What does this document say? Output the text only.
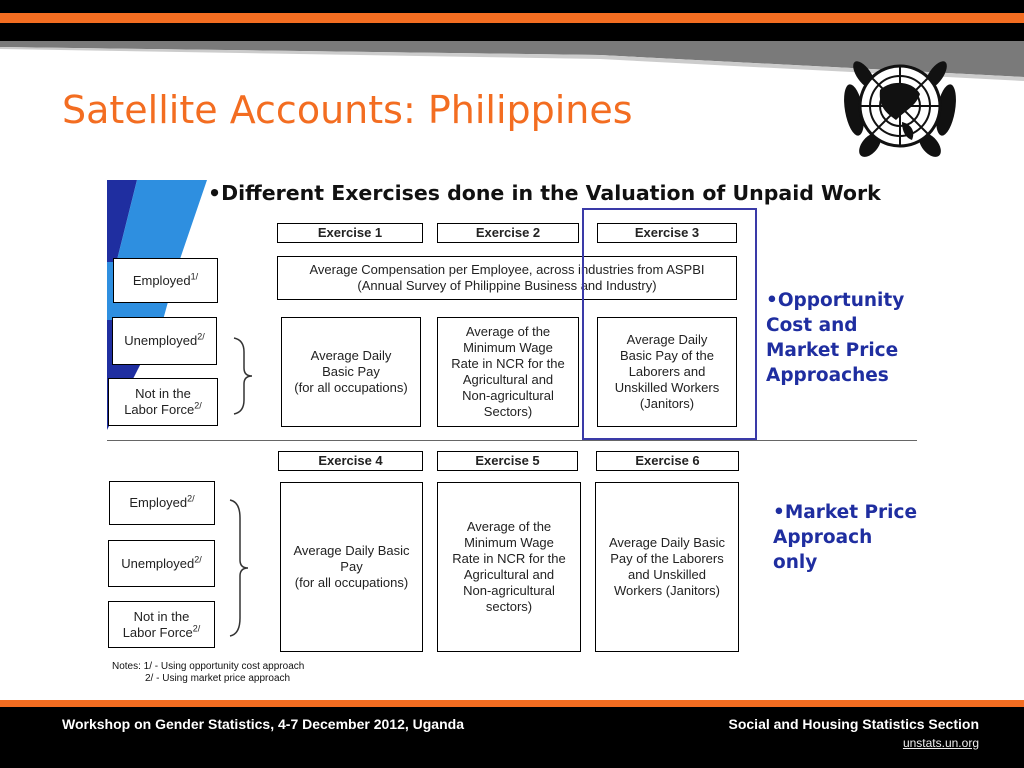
Satellite Accounts: Philippines
•Different Exercises done in the Valuation of Unpaid Work
Exercise 1	Exercise 2	Exercise 3
Employed$^{1/}$
Unemployed$^{2/}$
Not in the
Labor Force$^{2/}$
Average Compensation per Employee, across industries from ASPBI
(Annual Survey of Philippine Business and Industry)
Average Daily
Basic Pay
(for all occupations)
Average of the
Minimum Wage
Rate in NCR for the
Agricultural and
Non-agricultural
Sectors)
Average Daily
Basic Pay of the
Laborers and
Unskilled Workers
(Janitors)
•Opportunity
Cost and
Market Price
Approaches
Exercise 4	Exercise 5	Exercise 6
Employed$^{2/}$
Unemployed$^{2/}$
Not in the
Labor Force$^{2/}$
Average Daily Basic
Pay
(for all occupations)
Average of the
Minimum Wage
Rate in NCR for the
Agricultural and
Non-agricultural
sectors)
Average Daily Basic
Pay of the Laborers
and Unskilled
Workers (Janitors)
•Market Price
Approach
only
Notes: 1/ - Using opportunity cost approach
2/ - Using market price approach
Workshop on Gender Statistics, 4-7 December 2012, Uganda	Social and Housing Statistics Section
unstats.un.org
